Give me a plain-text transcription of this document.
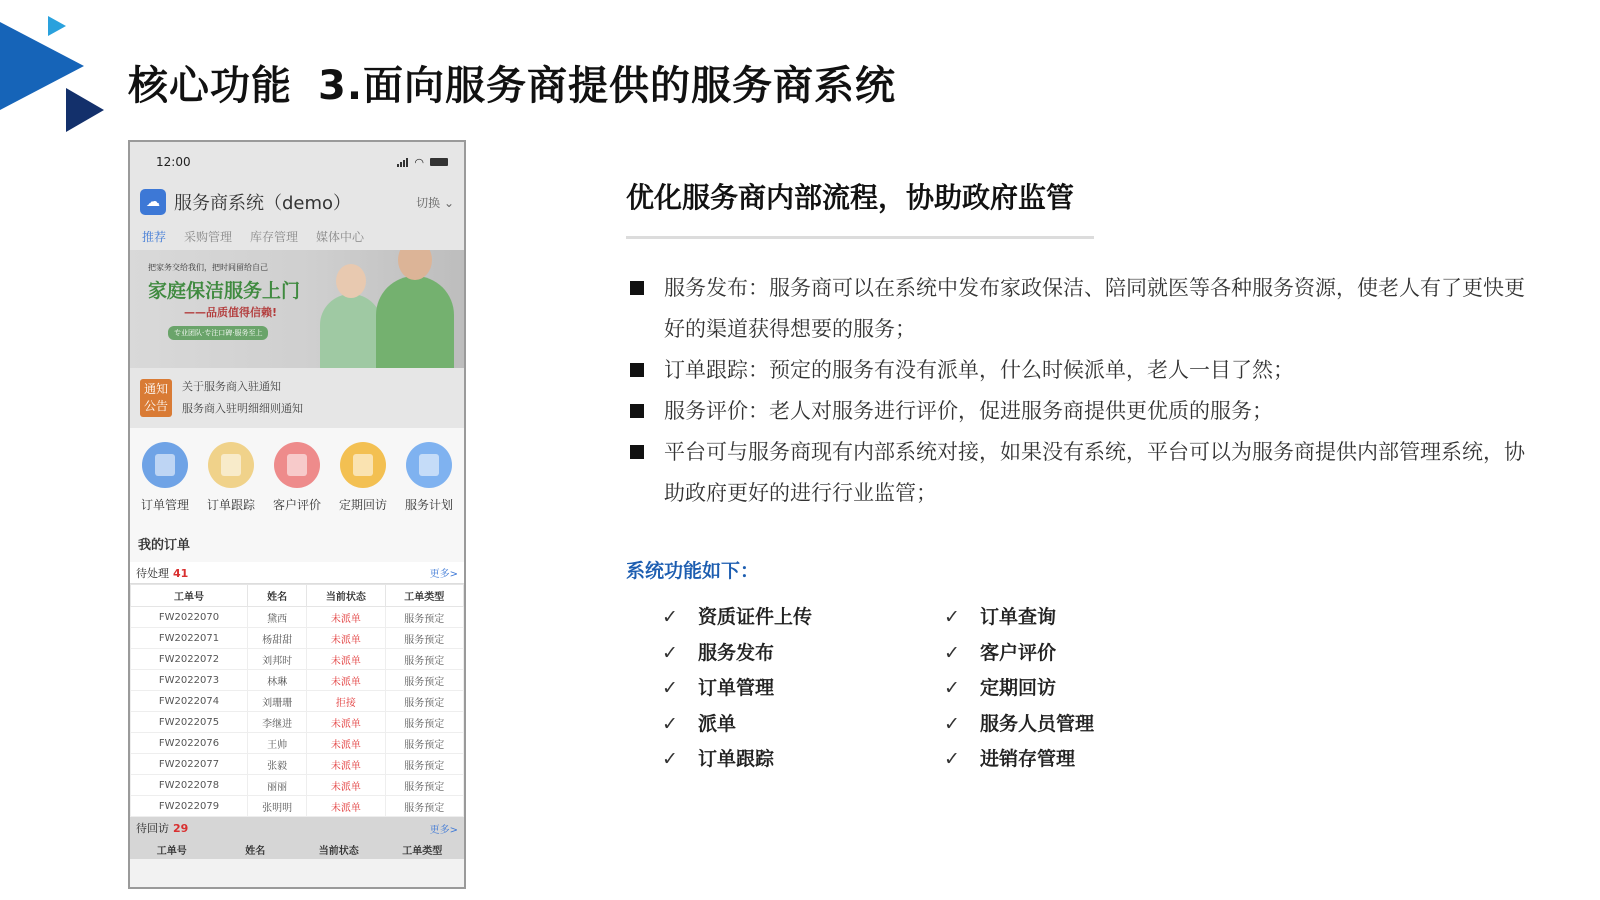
核心功能 3.面向服务商提供的服务商系统
12:00	◠
☁ 服务商系统（demo）	切换 ⌄
推荐 采购管理 库存管理 媒体中心
把家务交给我们，把时间留给自己
家庭保洁服务上门
——品质值得信赖!
专业团队·专注口碑·服务至上
通知
公告
关于服务商入驻通知
服务商入驻明细细则通知
订单管理 订单跟踪 客户评价 定期回访 服务计划
我的订单
待处理 41	更多>
工单号	姓名	当前状态	工单类型
FW2022070	黛西	未派单	服务预定
FW2022071	杨甜甜	未派单	服务预定
FW2022072	刘邦时	未派单	服务预定
FW2022073	林琳	未派单	服务预定
FW2022074	刘珊珊	拒接	服务预定
FW2022075	李继进	未派单	服务预定
FW2022076	王帅	未派单	服务预定
FW2022077	张毅	未派单	服务预定
FW2022078	丽丽	未派单	服务预定
FW2022079	张明明	未派单	服务预定
待回访 29	更多>
工单号	姓名	当前状态	工单类型
优化服务商内部流程，协助政府监管
服务发布：服务商可以在系统中发布家政保洁、陪同就医等各种服务资源，使老人有了更快更好的渠道获得想要的服务；
订单跟踪：预定的服务有没有派单，什么时候派单，老人一目了然；
服务评价：老人对服务进行评价，促进服务商提供更优质的服务；
平台可与服务商现有内部系统对接，如果没有系统，平台可以为服务商提供内部管理系统，协助政府更好的进行行业监管；
系统功能如下：
✓ 资质证件上传
✓ 服务发布
✓ 订单管理
✓ 派单
✓ 订单跟踪
✓ 订单查询
✓ 客户评价
✓ 定期回访
✓ 服务人员管理
✓ 进销存管理
